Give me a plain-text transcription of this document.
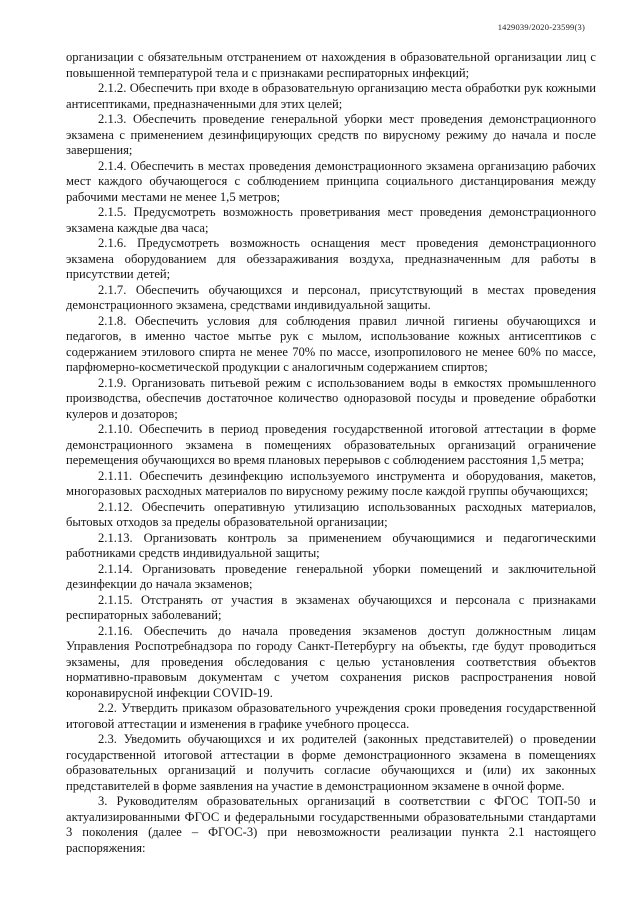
1429039/2020-23599(3)

организации с обязательным отстранением от нахождения в образовательной организации лиц с повышенной температурой тела и с признаками респираторных инфекций;

2.1.2. Обеспечить при входе в образовательную организацию места обработки рук кожными антисептиками, предназначенными для этих целей;

2.1.3. Обеспечить проведение генеральной уборки мест проведения демонстрационного экзамена с применением дезинфицирующих средств по вирусному режиму до начала и после завершения;

2.1.4. Обеспечить в местах проведения демонстрационного экзамена организацию рабочих мест каждого обучающегося с соблюдением принципа социального дистанцирования между рабочими местами не менее 1,5 метров;

2.1.5. Предусмотреть возможность проветривания мест проведения демонстрационного экзамена каждые два часа;

2.1.6. Предусмотреть возможность оснащения мест проведения демонстрационного экзамена оборудованием для обеззараживания воздуха, предназначенным для работы в присутствии детей;

2.1.7. Обеспечить обучающихся и персонал, присутствующий в местах проведения демонстрационного экзамена, средствами индивидуальной защиты.

2.1.8. Обеспечить условия для соблюдения правил личной гигиены обучающихся и педагогов, в именно частое мытье рук с мылом, использование кожных антисептиков с содержанием этилового спирта не менее 70% по массе, изопропилового не менее 60% по массе, парфюмерно-косметической продукции с аналогичным содержанием спиртов;

2.1.9. Организовать питьевой режим с использованием воды в емкостях промышленного производства, обеспечив достаточное количество одноразовой посуды и проведение обработки кулеров и дозаторов;

2.1.10. Обеспечить в период проведения государственной итоговой аттестации в форме демонстрационного экзамена в помещениях образовательных организаций ограничение перемещения обучающихся во время плановых перерывов с соблюдением расстояния 1,5 метра;

2.1.11. Обеспечить дезинфекцию используемого инструмента и оборудования, макетов, многоразовых расходных материалов по вирусному режиму после каждой группы обучающихся;

2.1.12. Обеспечить оперативную утилизацию использованных расходных материалов, бытовых отходов за пределы образовательной организации;

2.1.13. Организовать контроль за применением обучающимися и педагогическими работниками средств индивидуальной защиты;

2.1.14. Организовать проведение генеральной уборки помещений и заключительной дезинфекции до начала экзаменов;

2.1.15. Отстранять от участия в экзаменах обучающихся и персонала с признаками респираторных заболеваний;

2.1.16. Обеспечить до начала проведения экзаменов доступ должностным лицам Управления Роспотребнадзора по городу Санкт-Петербургу на объекты, где будут проводиться экзамены, для проведения обследования с целью установления соответствия объектов нормативно-правовым документам с учетом сохранения рисков распространения новой коронавирусной инфекции COVID-19.

2.2. Утвердить приказом образовательного учреждения сроки проведения государственной итоговой аттестации и изменения в графике учебного процесса.

2.3. Уведомить обучающихся и их родителей (законных представителей) о проведении государственной итоговой аттестации в форме демонстрационного экзамена в помещениях образовательных организаций и получить согласие обучающихся и (или) их законных представителей в форме заявления на участие в демонстрационном экзамене в очной форме.

3. Руководителям образовательных организаций в соответствии с ФГОС ТОП-50 и актуализированными ФГОС и федеральными государственными образовательными стандартами 3 поколения (далее – ФГОС-3) при невозможности реализации пункта 2.1 настоящего распоряжения:
